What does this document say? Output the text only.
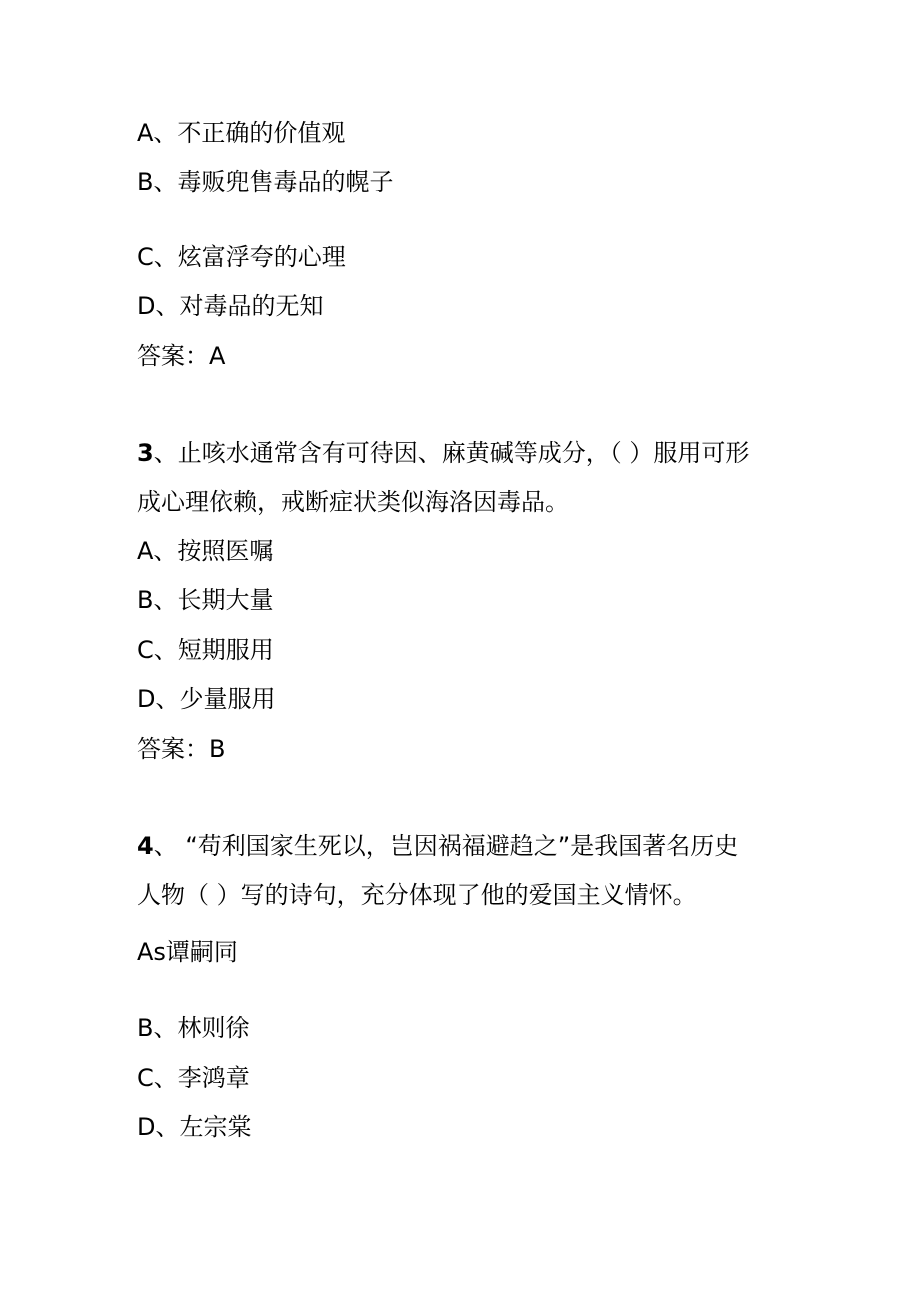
A、不正确的价值观
B、毒贩兜售毒品的幌子
C、炫富浮夸的心理
D、对毒品的无知
答案：A
3、止咳水通常含有可待因、麻黄碱等成分，（ ）服用可形
成心理依赖，戒断症状类似海洛因毒品。
A、按照医嘱
B、长期大量
C、短期服用
D、少量服用
答案：B
4、 “苟利国家生死以，岂因祸福避趋之”是我国著名历史
人物（ ）写的诗句，充分体现了他的爱国主义情怀。
As谭嗣同
B、林则徐
C、李鸿章
D、左宗棠
